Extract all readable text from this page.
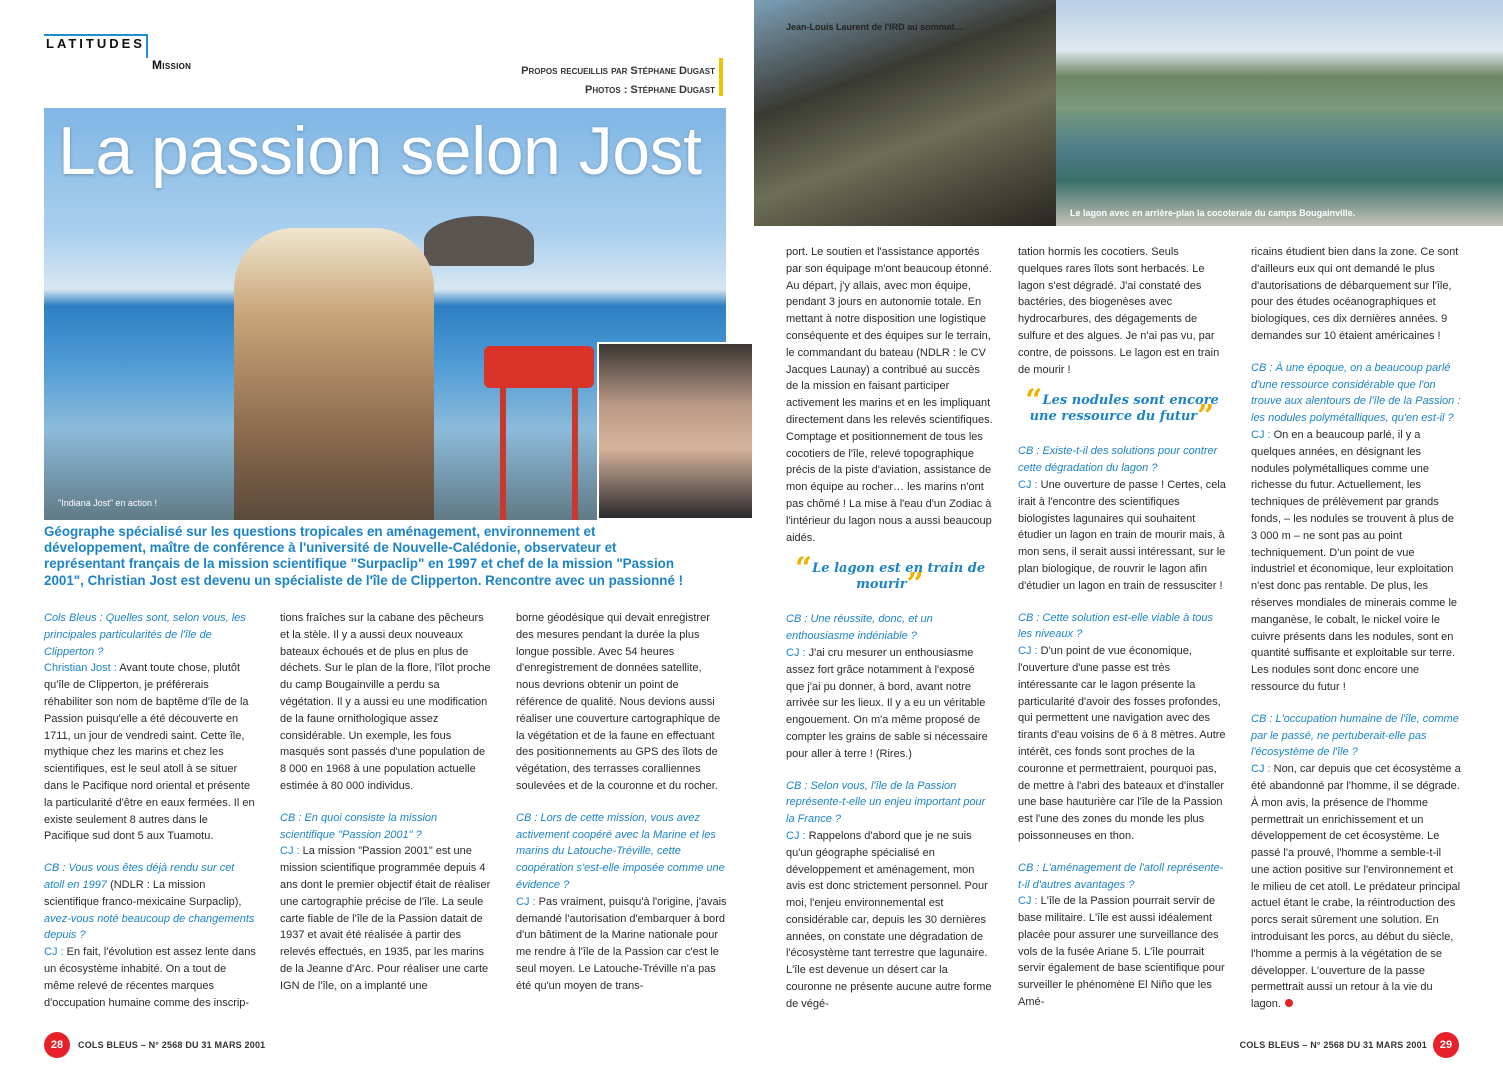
LATITUDES
Mission	Propos recueillis par Stéphane Dugast
Photos : Stéphane Dugast
La passion selon Jost
"Indiana Jost" en action !
Jean-Louis Laurent de l'IRD au sommet...
Le lagon avec en arrière-plan la cocoteraie du camps Bougainville.
Géographe spécialisé sur les questions tropicales en aménagement, environnement et développement, maître de conférence à l'université de Nouvelle-Calédonie, observateur et représentant français de la mission scientifique "Surpaclip" en 1997 et chef de la mission "Passion 2001", Christian Jost est devenu un spécialiste de l'île de Clipperton. Rencontre avec un passionné !

Cols Bleus : Quelles sont, selon vous, les principales particularités de l'île de Clipperton ?
Christian Jost : Avant toute chose, plutôt qu'île de Clipperton, je préférerais réhabiliter son nom de baptême d'île de la Passion puisqu'elle a été découverte en 1711, un jour de vendredi saint. Cette île, mythique chez les marins et chez les scientifiques, est le seul atoll à se situer dans le Pacifique nord oriental et présente la particularité d'être en eaux fermées. Il en existe seulement 8 autres dans le Pacifique sud dont 5 aux Tuamotu.

CB : Vous vous êtes déjà rendu sur cet atoll en 1997 (NDLR : La mission scientifique franco-mexicaine Surpaclip), avez-vous noté beaucoup de changements depuis ?
CJ : En fait, l'évolution est assez lente dans un écosystème inhabité. On a tout de même relevé de récentes marques d'occupation humaine comme des inscrip-

tions fraîches sur la cabane des pêcheurs et la stèle. Il y a aussi deux nouveaux bateaux échoués et de plus en plus de déchets. Sur le plan de la flore, l'îlot proche du camp Bougainville a perdu sa végétation. Il y a aussi eu une modification de la faune ornithologique assez considérable. Un exemple, les fous masqués sont passés d'une population de 8 000 en 1968 à une population actuelle estimée à 80 000 individus.

CB : En quoi consiste la mission scientifique "Passion 2001" ?
CJ : La mission "Passion 2001" est une mission scientifique programmée depuis 4 ans dont le premier objectif était de réaliser une cartographie précise de l'île. La seule carte fiable de l'île de la Passion datait de 1937 et avait été réalisée à partir des relevés effectués, en 1935, par les marins de la Jeanne d'Arc. Pour réaliser une carte IGN de l'île, on a implanté une

borne géodésique qui devait enregistrer des mesures pendant la durée la plus longue possible. Avec 54 heures d'enregistrement de données satellite, nous devrions obtenir un point de référence de qualité. Nous devions aussi réaliser une couverture cartographique de la végétation et de la faune en effectuant des positionnements au GPS des îlots de végétation, des terrasses coralliennes soulevées et de la couronne et du rocher.

CB : Lors de cette mission, vous avez activement coopéré avec la Marine et les marins du Latouche-Tréville, cette coopération s'est-elle imposée comme une évidence ?
CJ : Pas vraiment, puisqu'à l'origine, j'avais demandé l'autorisation d'embarquer à bord d'un bâtiment de la Marine nationale pour me rendre à l'île de la Passion car c'est le seul moyen. Le Latouche-Tréville n'a pas été qu'un moyen de trans-

port. Le soutien et l'assistance apportés par son équipage m'ont beaucoup étonné. Au départ, j'y allais, avec mon équipe, pendant 3 jours en autonomie totale. En mettant à notre disposition une logistique conséquente et des équipes sur le terrain, le commandant du bateau (NDLR : le CV Jacques Launay) a contribué au succès de la mission en faisant participer activement les marins et en les impliquant directement dans les relevés scientifiques. Comptage et positionnement de tous les cocotiers de l'île, relevé topographique précis de la piste d'aviation, assistance de mon équipe au rocher… les marins n'ont pas chômé ! La mise à l'eau d'un Zodiac à l'intérieur du lagon nous a aussi beaucoup aidés.

“Le lagon est en train de mourir”

CB : Une réussite, donc, et un enthousiasme indéniable ?
CJ : J'ai cru mesurer un enthousiasme assez fort grâce notamment à l'exposé que j'ai pu donner, à bord, avant notre arrivée sur les lieux. Il y a eu un véritable engouement. On m'a même proposé de compter les grains de sable si nécessaire pour aller à terre ! (Rires.)

CB : Selon vous, l'île de la Passion représente-t-elle un enjeu important pour la France ?
CJ : Rappelons d'abord que je ne suis qu'un géographe spécialisé en développement et aménagement, mon avis est donc strictement personnel. Pour moi, l'enjeu environnemental est considérable car, depuis les 30 dernières années, on constate une dégradation de l'écosystème tant terrestre que lagunaire. L'île est devenue un désert car la couronne ne présente aucune autre forme de végé-

tation hormis les cocotiers. Seuls quelques rares îlots sont herbacés. Le lagon s'est dégradé. J'ai constaté des bactéries, des biogenèses avec hydrocarbures, des dégagements de sulfure et des algues. Je n'ai pas vu, par contre, de poissons. Le lagon est en train de mourir !

“Les nodules sont encore une ressource du futur”

CB : Existe-t-il des solutions pour contrer cette dégradation du lagon ?
CJ : Une ouverture de passe ! Certes, cela irait à l'encontre des scientifiques biologistes lagunaires qui souhaitent étudier un lagon en train de mourir mais, à mon sens, il serait aussi intéressant, sur le plan biologique, de rouvrir le lagon afin d'étudier un lagon en train de ressusciter !

CB : Cette solution est-elle viable à tous les niveaux ?
CJ : D'un point de vue économique, l'ouverture d'une passe est très intéressante car le lagon présente la particularité d'avoir des fosses profondes, qui permettent une navigation avec des tirants d'eau voisins de 6 à 8 mètres. Autre intérêt, ces fonds sont proches de la couronne et permettraient, pourquoi pas, de mettre à l'abri des bateaux et d'installer une base hauturière car l'île de la Passion est l'une des zones du monde les plus poissonneuses en thon.

CB : L'aménagement de l'atoll représente-t-il d'autres avantages ?
CJ : L'île de la Passion pourrait servir de base militaire. L'île est aussi idéalement placée pour assurer une surveillance des vols de la fusée Ariane 5. L'île pourrait servir également de base scientifique pour surveiller le phénomène El Niño que les Amé-

ricains étudient bien dans la zone. Ce sont d'ailleurs eux qui ont demandé le plus d'autorisations de débarquement sur l'île, pour des études océanographiques et biologiques, ces dix dernières années. 9 demandes sur 10 étaient américaines !

CB : À une époque, on a beaucoup parlé d'une ressource considérable que l'on trouve aux alentours de l'île de la Passion : les nodules polymétalliques, qu'en est-il ?
CJ : On en a beaucoup parlé, il y a quelques années, en désignant les nodules polymétalliques comme une richesse du futur. Actuellement, les techniques de prélèvement par grands fonds, – les nodules se trouvent à plus de 3 000 m – ne sont pas au point techniquement. D'un point de vue industriel et économique, leur exploitation n'est donc pas rentable. De plus, les réserves mondiales de minerais comme le manganèse, le cobalt, le nickel voire le cuivre présents dans les nodules, sont en quantité suffisante et exploitable sur terre. Les nodules sont donc encore une ressource du futur !

CB : L'occupation humaine de l'île, comme par le passé, ne pertuberait-elle pas l'écosystème de l'île ?
CJ : Non, car depuis que cet écosystème a été abandonné par l'homme, il se dégrade. À mon avis, la présence de l'homme permettrait un enrichissement et un développement de cet écosystème. Le passé l'a prouvé, l'homme a semble-t-il une action positive sur l'environnement et le milieu de cet atoll. Le prédateur principal actuel étant le crabe, la réintroduction des porcs serait sûrement une solution. En introduisant les porcs, au début du siècle, l'homme a permis à la végétation de se développer. L'ouverture de la passe permettrait aussi un retour à la vie du lagon.

28	COLS BLEUS – N° 2568 DU 31 MARS 2001	COLS BLEUS – N° 2568 DU 31 MARS 2001	29
